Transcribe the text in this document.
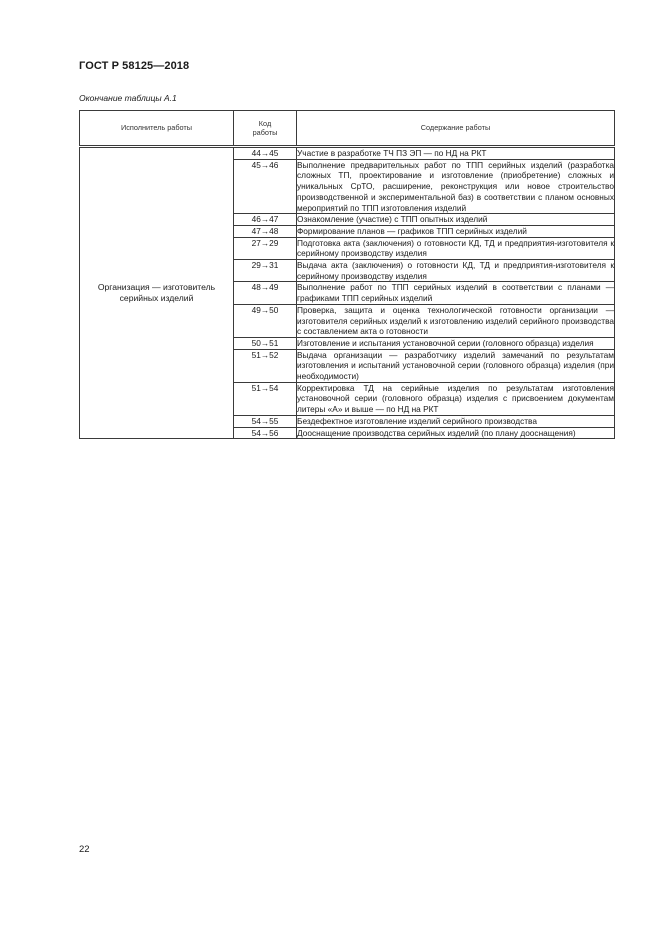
ГОСТ Р 58125—2018
Окончание таблицы А.1
Исполнитель работы	Код работы	Содержание работы
Организация — изготовитель серийных изделий	44→45	Участие в разработке ТЧ ПЗ ЭП — по НД на РКТ
	45→46	Выполнение предварительных работ по ТПП серийных изделий (разработка сложных ТП, проектирование и изготовление (приобретение) сложных и уникальных СрТО, расширение, реконструкция или новое строительство производственной и экспериментальной баз) в соответствии с планом основных мероприятий по ТПП изготовления изделий
	46→47	Ознакомление (участие) с ТПП опытных изделий
	47→48	Формирование планов — графиков ТПП серийных изделий
	27→29	Подготовка акта (заключения) о готовности КД, ТД и предприятия-изготовителя к серийному производству изделия
	29→31	Выдача акта (заключения) о готовности КД, ТД и предприятия-изготовителя к серийному производству изделия
	48→49	Выполнение работ по ТПП серийных изделий в соответствии с планами — графиками ТПП серийных изделий
	49→50	Проверка, защита и оценка технологической готовности организации — изготовителя серийных изделий к изготовлению изделий серийного производства с составлением акта о готовности
	50→51	Изготовление и испытания установочной серии (головного образца) изделия
	51→52	Выдача организации — разработчику изделий замечаний по результатам изготовления и испытаний установочной серии (головного образца) изделия (при необходимости)
	51→54	Корректировка ТД на серийные изделия по результатам изготовления установочной серии (головного образца) изделия с присвоением документам литеры «А» и выше — по НД на РКТ
	54→55	Бездефектное изготовление изделий серийного производства
	54→56	Дооснащение производства серийных изделий (по плану дооснащения)
22
